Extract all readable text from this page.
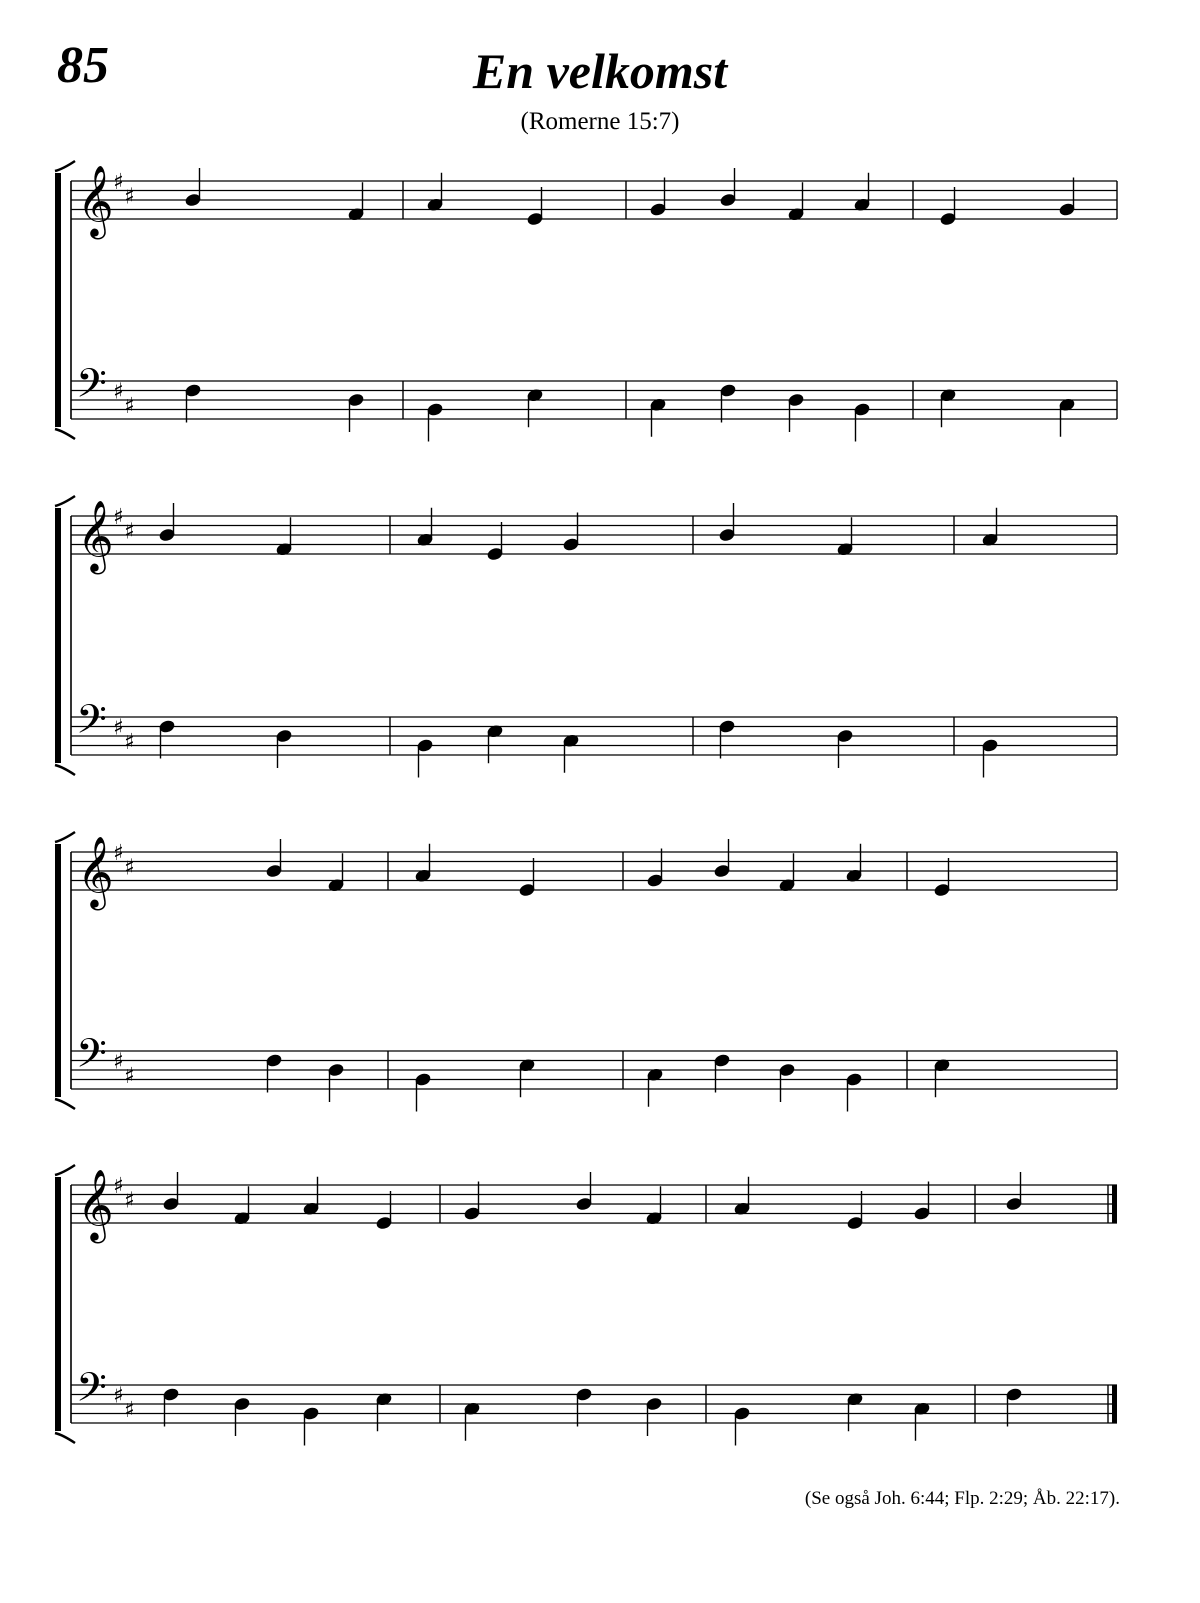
85	En velkomst
(Romerne 15:7)
𝄞
𝄢
♯
♯
♯
♯
𝄞
𝄢
♯
♯
♯
♯
𝄞
𝄢
♯
♯
♯
♯
𝄞
𝄢
♯
♯
♯
♯
(Se også Joh. 6:44; Flp. 2:29; Åb. 22:17).
